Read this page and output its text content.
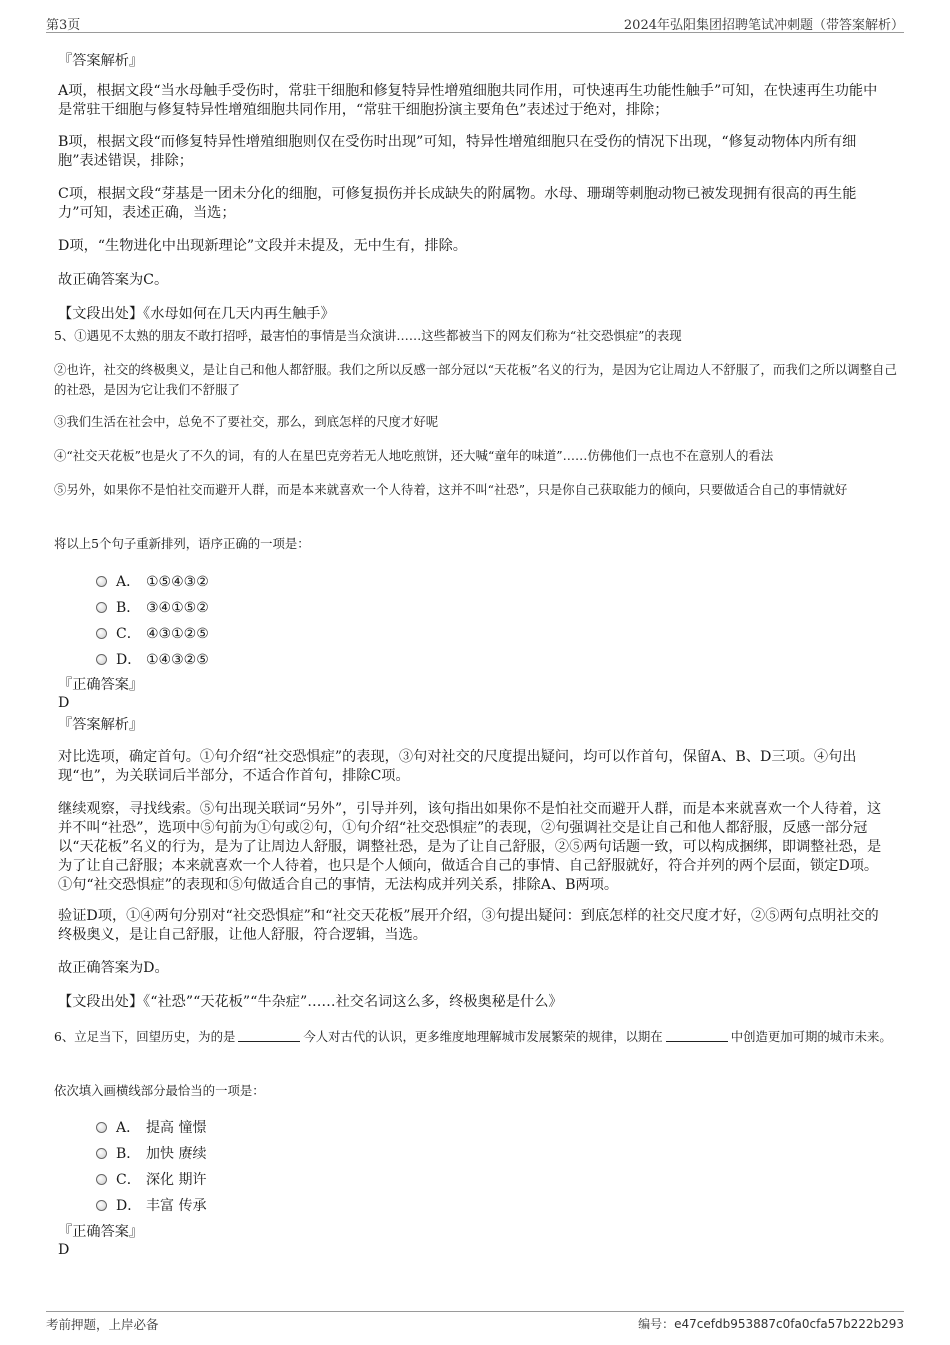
第3页	2024年弘阳集团招聘笔试冲刺题（带答案解析）
『答案解析』
A项，根据文段“当水母触手受伤时，常驻干细胞和修复特异性增殖细胞共同作用，可快速再生功能性触手”可知，在快速再生功能中是常驻干细胞与修复特异性增殖细胞共同作用，“常驻干细胞扮演主要角色”表述过于绝对，排除；
B项，根据文段“而修复特异性增殖细胞则仅在受伤时出现”可知，特异性增殖细胞只在受伤的情况下出现，“修复动物体内所有细胞”表述错误，排除；
C项，根据文段“芽基是一团未分化的细胞，可修复损伤并长成缺失的附属物。水母、珊瑚等刺胞动物已被发现拥有很高的再生能力”可知，表述正确，当选；
D项，“生物进化中出现新理论”文段并未提及，无中生有，排除。
故正确答案为C。
【文段出处】《水母如何在几天内再生触手》
5、①遇见不太熟的朋友不敢打招呼，最害怕的事情是当众演讲……这些都被当下的网友们称为“社交恐惧症”的表现
②也许，社交的终极奥义，是让自己和他人都舒服。我们之所以反感一部分冠以“天花板”名义的行为，是因为它让周边人不舒服了，而我们之所以调整自己的社恐，是因为它让我们不舒服了
③我们生活在社会中，总免不了要社交，那么，到底怎样的尺度才好呢
④“社交天花板”也是火了不久的词，有的人在星巴克旁若无人地吃煎饼，还大喊“童年的味道”……仿佛他们一点也不在意别人的看法
⑤另外，如果你不是怕社交而避开人群，而是本来就喜欢一个人待着，这并不叫“社恐”，只是你自己获取能力的倾向，只要做适合自己的事情就好
将以上5个句子重新排列，语序正确的一项是：
A． ①⑤④③②
B． ③④①⑤②
C． ④③①②⑤
D． ①④③②⑤
『正确答案』
D
『答案解析』
对比选项，确定首句。①句介绍“社交恐惧症”的表现，③句对社交的尺度提出疑问，均可以作首句，保留A、B、D三项。④句出现“也”，为关联词后半部分，不适合作首句，排除C项。
继续观察，寻找线索。⑤句出现关联词“另外”，引导并列，该句指出如果你不是怕社交而避开人群，而是本来就喜欢一个人待着，这并不叫“社恐”，选项中⑤句前为①句或②句，①句介绍“社交恐惧症”的表现，②句强调社交是让自己和他人都舒服，反感一部分冠以“天花板”名义的行为，是为了让周边人舒服，调整社恐，是为了让自己舒服，②⑤两句话题一致，可以构成捆绑，即调整社恐，是为了让自己舒服；本来就喜欢一个人待着，也只是个人倾向，做适合自己的事情、自己舒服就好，符合并列的两个层面，锁定D项。①句“社交恐惧症”的表现和⑤句做适合自己的事情，无法构成并列关系，排除A、B两项。
验证D项，①④两句分别对“社交恐惧症”和“社交天花板”展开介绍，③句提出疑问：到底怎样的社交尺度才好，②⑤两句点明社交的终极奥义，是让自己舒服，让他人舒服，符合逻辑，当选。
故正确答案为D。
【文段出处】《“社恐”“天花板”“牛杂症”……社交名词这么多，终极奥秘是什么》
6、立足当下，回望历史，为的是	今人对古代的认识，更多维度地理解城市发展繁荣的规律，以期在	中创造更加可期的城市未来。
依次填入画横线部分最恰当的一项是：
A． 提高 憧憬
B． 加快 赓续
C． 深化 期许
D． 丰富 传承
『正确答案』
D
考前押题，上岸必备	编号：e47cefdb953887c0fa0cfa57b222b293
